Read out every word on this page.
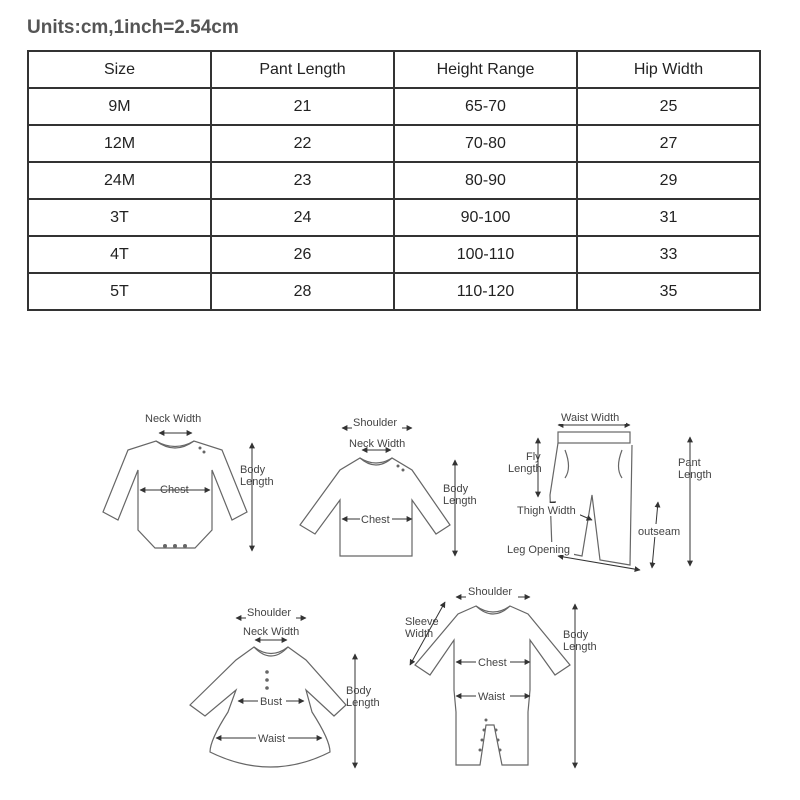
Units:cm,1inch=2.54cm
Size	Pant Length	Height Range	Hip Width
9M	21	65-70	25
12M	22	70-80	27
24M	23	80-90	29
3T	24	90-100	31
4T	26	100-110	33
5T	28	110-120	35
Neck Width
Chest
Body
Length
Shoulder
Neck Width
Chest
Body
Length
Waist Width
Fly
Length	Pant
Length
Thigh Width
outseam
Leg Opening
Shoulder
Neck Width
Bust
Waist
Body
Length
Shoulder
Sleeve
Width
Chest
Waist
Body
Length
